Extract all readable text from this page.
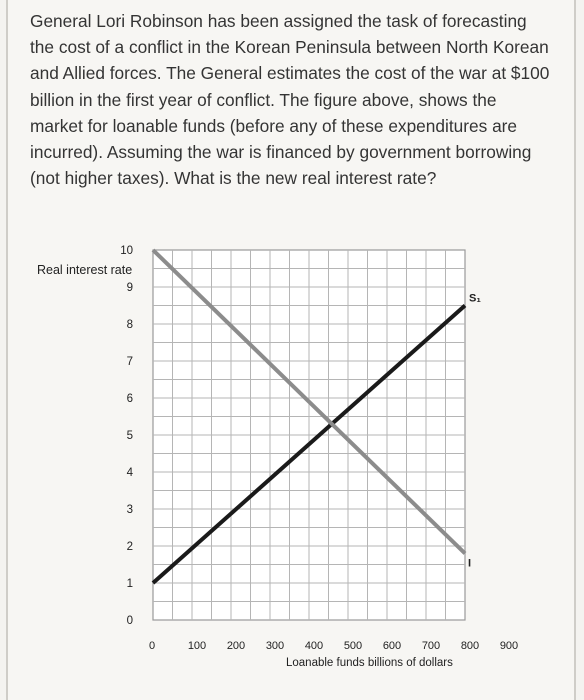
General Lori Robinson has been assigned the task of forecasting the cost of a conflict in the Korean Peninsula between North Korean and Allied forces. The General estimates the cost of the war at $100 billion in the first year of conflict. The figure above, shows the market for loanable funds (before any of these expenditures are incurred). Assuming the war is financed by government borrowing (not higher taxes). What is the new real interest rate?

0
1
2
3
4
5
6
7
8
9
10
0	100 200 300 400 500 600 700 800 900
Real interest rate
Loanable funds billions of dollars
S₁
I
